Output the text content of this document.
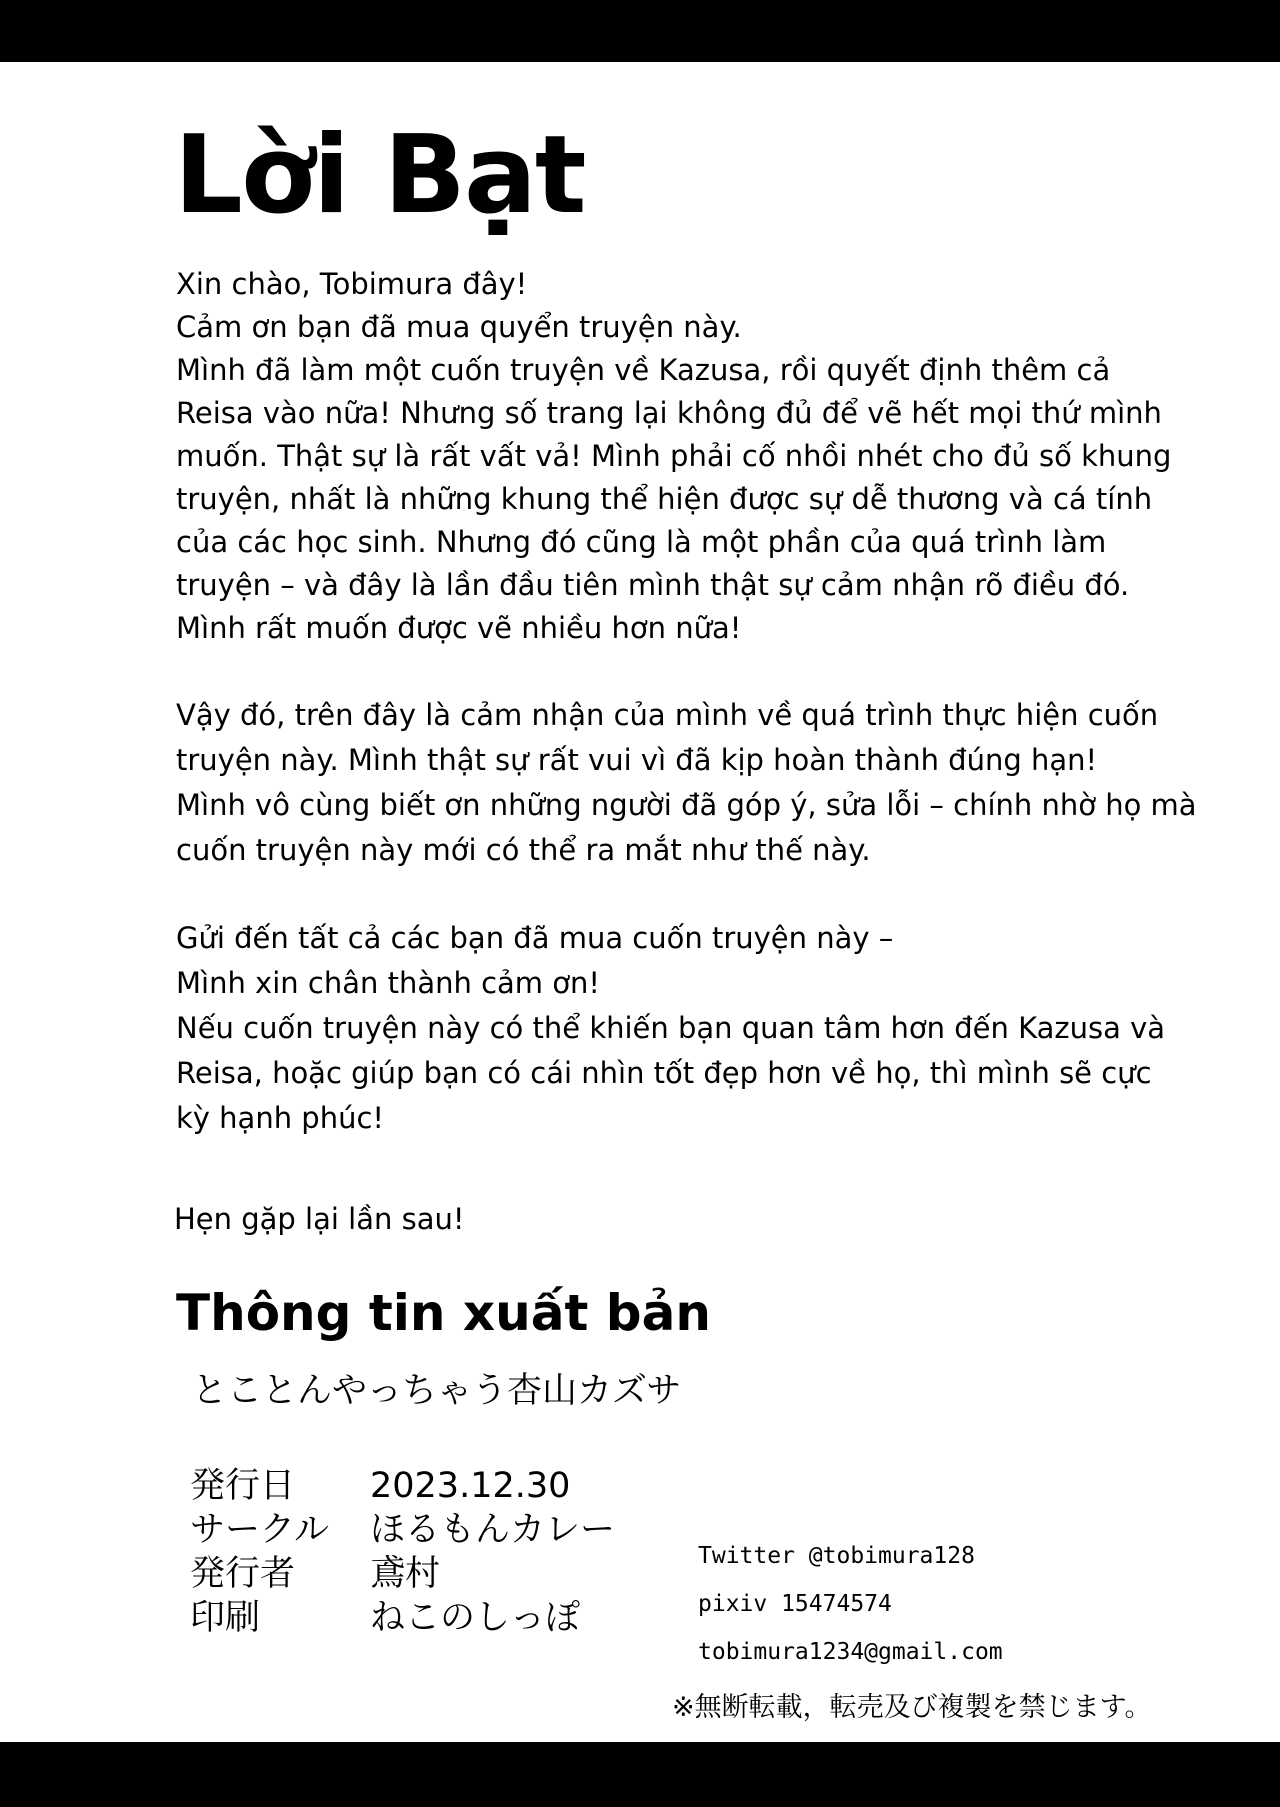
Lời Bạt

Xin chào, Tobimura đây!
Cảm ơn bạn đã mua quyển truyện này.
Mình đã làm một cuốn truyện về Kazusa, rồi quyết định thêm cả
Reisa vào nữa! Nhưng số trang lại không đủ để vẽ hết mọi thứ mình
muốn. Thật sự là rất vất vả! Mình phải cố nhồi nhét cho đủ số khung
truyện, nhất là những khung thể hiện được sự dễ thương và cá tính
của các học sinh. Nhưng đó cũng là một phần của quá trình làm
truyện – và đây là lần đầu tiên mình thật sự cảm nhận rõ điều đó.
Mình rất muốn được vẽ nhiều hơn nữa!

Vậy đó, trên đây là cảm nhận của mình về quá trình thực hiện cuốn
truyện này. Mình thật sự rất vui vì đã kịp hoàn thành đúng hạn!
Mình vô cùng biết ơn những người đã góp ý, sửa lỗi – chính nhờ họ mà
cuốn truyện này mới có thể ra mắt như thế này.

Gửi đến tất cả các bạn đã mua cuốn truyện này –
Mình xin chân thành cảm ơn!
Nếu cuốn truyện này có thể khiến bạn quan tâm hơn đến Kazusa và
Reisa, hoặc giúp bạn có cái nhìn tốt đẹp hơn về họ, thì mình sẽ cực
kỳ hạnh phúc!

Hẹn gặp lại lần sau!
Thông tin xuất bản
とことんやっちゃう杏山カズサ
発行日	2023.12.30
サークル	ほるもんカレー
発行者	鳶村
印刷	ねこのしっぽ
Twitter @tobimura128
pixiv 15474574
tobimura1234@gmail.com
※無断転載，転売及び複製を禁じます。
